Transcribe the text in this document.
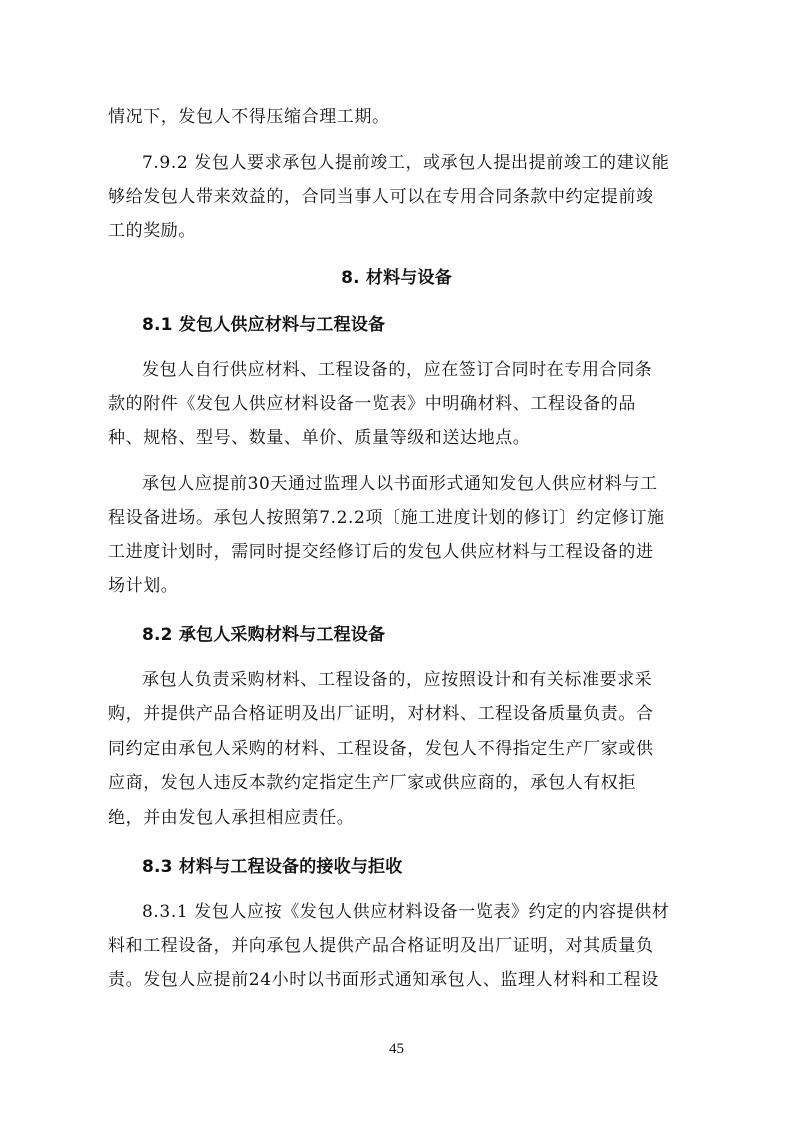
情况下，发包人不得压缩合理工期。
7.9.2 发包人要求承包人提前竣工，或承包人提出提前竣工的建议能
够给发包人带来效益的，合同当事人可以在专用合同条款中约定提前竣
工的奖励。
8. 材料与设备
8.1 发包人供应材料与工程设备
发包人自行供应材料、工程设备的，应在签订合同时在专用合同条
款的附件《发包人供应材料设备一览表》中明确材料、工程设备的品
种、规格、型号、数量、单价、质量等级和送达地点。
承包人应提前30天通过监理人以书面形式通知发包人供应材料与工
程设备进场。承包人按照第7.2.2项〔施工进度计划的修订〕约定修订施
工进度计划时，需同时提交经修订后的发包人供应材料与工程设备的进
场计划。
8.2 承包人采购材料与工程设备
承包人负责采购材料、工程设备的，应按照设计和有关标准要求采
购，并提供产品合格证明及出厂证明，对材料、工程设备质量负责。合
同约定由承包人采购的材料、工程设备，发包人不得指定生产厂家或供
应商，发包人违反本款约定指定生产厂家或供应商的，承包人有权拒
绝，并由发包人承担相应责任。
8.3 材料与工程设备的接收与拒收
8.3.1 发包人应按《发包人供应材料设备一览表》约定的内容提供材
料和工程设备，并向承包人提供产品合格证明及出厂证明，对其质量负
责。发包人应提前24小时以书面形式通知承包人、监理人材料和工程设
45
